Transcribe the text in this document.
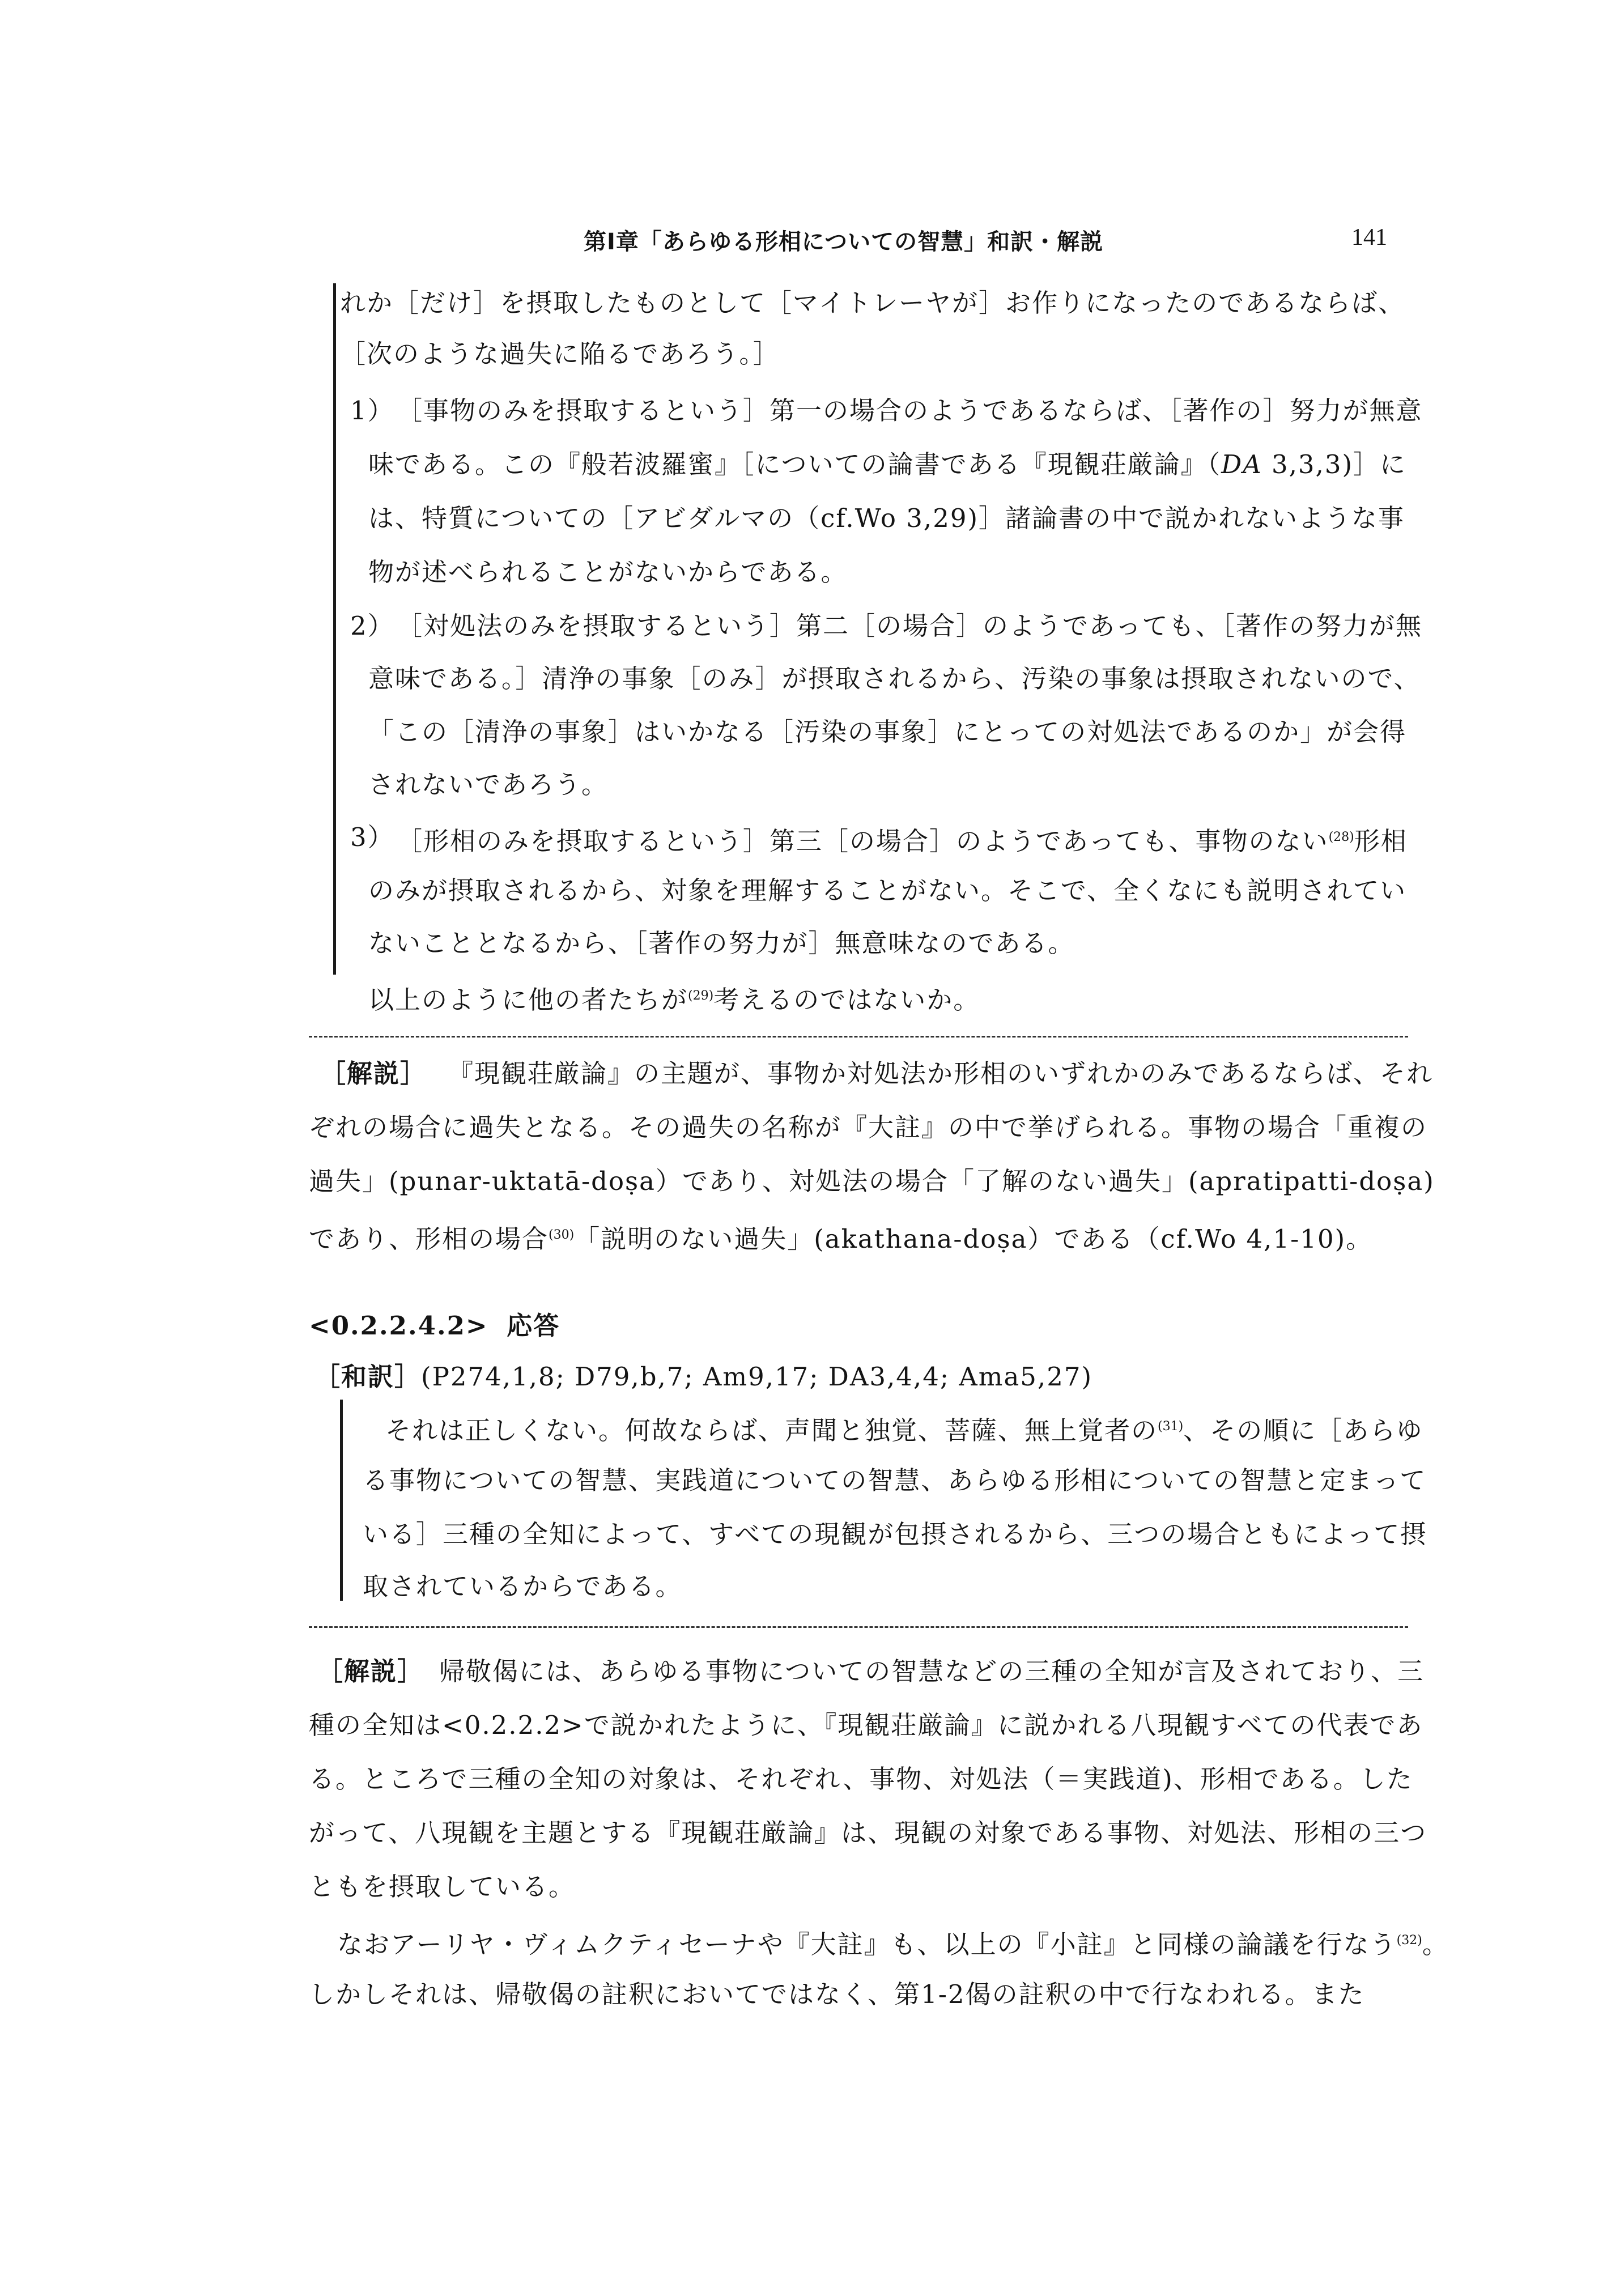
第Ⅰ章「あらゆる形相についての智慧」和訳・解説	141
れか［だけ］を摂取したものとして［マイトレーヤが］お作りになったのであるならば、
［次のような過失に陥るであろう。］
1） ［事物のみを摂取するという］第一の場合のようであるならば、［著作の］努力が無意
味である。この『般若波羅蜜』［についての論書である『現観荘厳論』（DA 3,3,3)］に
は、特質についての［アビダルマの（cf.Wo 3,29)］諸論書の中で説かれないような事
物が述べられることがないからである。
2） ［対処法のみを摂取するという］第二［の場合］のようであっても、［著作の努力が無
意味である。］清浄の事象［のみ］が摂取されるから、汚染の事象は摂取されないので、
「この［清浄の事象］はいかなる［汚染の事象］にとっての対処法であるのか」が会得
されないであろう。
3） ［形相のみを摂取するという］第三［の場合］のようであっても、事物のない$^{(28)}$形相
のみが摂取されるから、対象を理解することがない。そこで、全くなにも説明されてい
ないこととなるから、［著作の努力が］無意味なのである。
以上のように他の者たちが$^{(29)}$考えるのではないか。
［解説］ 『現観荘厳論』の主題が、事物か対処法か形相のいずれかのみであるならば、それ
ぞれの場合に過失となる。その過失の名称が『大註』の中で挙げられる。事物の場合「重複の
過失」(punar-uktatā-doṣa）であり、対処法の場合「了解のない過失」(apratipatti-doṣa)
であり、形相の場合$^{(30)}$「説明のない過失」(akathana-doṣa）である（cf.Wo 4,1-10)。
<0.2.2.4.2> 応答
［和訳］(P274,1,8; D79,b,7; Am9,17; DA3,4,4; Ama5,27)
それは正しくない。何故ならば、声聞と独覚、菩薩、無上覚者の$^{(31)}$、その順に［あらゆ
る事物についての智慧、実践道についての智慧、あらゆる形相についての智慧と定まって
いる］三種の全知によって、すべての現観が包摂されるから、三つの場合ともによって摂
取されているからである。
［解説］ 帰敬偈には、あらゆる事物についての智慧などの三種の全知が言及されており、三
種の全知は<0.2.2.2>で説かれたように、『現観荘厳論』に説かれる八現観すべての代表であ
る。ところで三種の全知の対象は、それぞれ、事物、対処法（＝実践道)、形相である。した
がって、八現観を主題とする『現観荘厳論』は、現観の対象である事物、対処法、形相の三つ
ともを摂取している。
なおアーリヤ・ヴィムクティセーナや『大註』も、以上の『小註』と同様の論議を行なう$^{(32)}$。
しかしそれは、帰敬偈の註釈においてではなく、第1-2偈の註釈の中で行なわれる。また
